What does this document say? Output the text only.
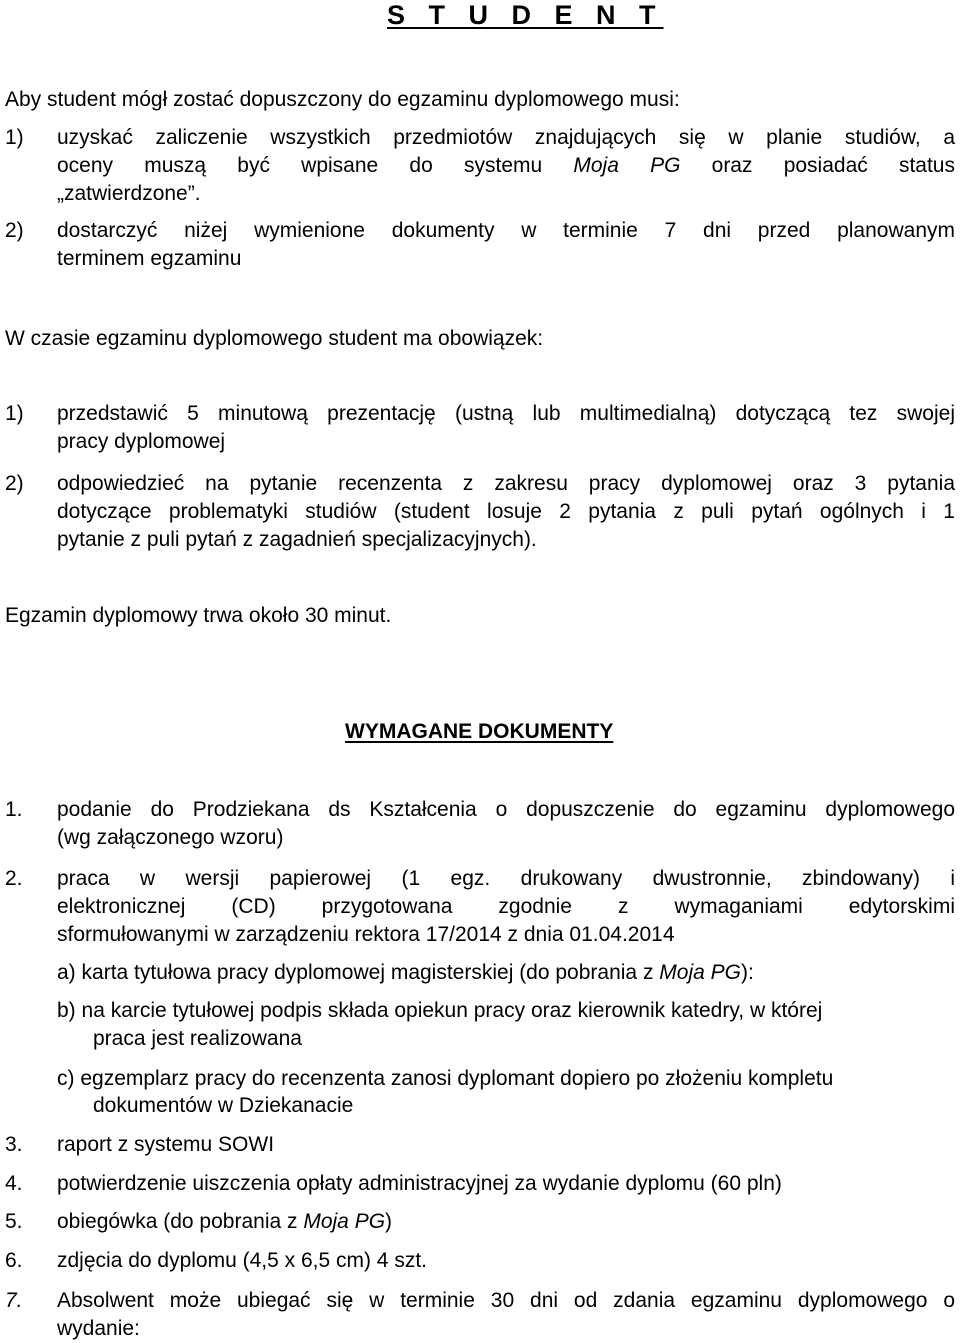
S T U D E N T
Aby student mógł zostać dopuszczony do egzaminu dyplomowego musi:
1) uzyskać zaliczenie wszystkich przedmiotów znajdujących się w planie studiów, a
oceny muszą być wpisane do systemu Moja PG oraz posiadać status
„zatwierdzone”.
2) dostarczyć niżej wymienione dokumenty w terminie 7 dni przed planowanym
terminem egzaminu
W czasie egzaminu dyplomowego student ma obowiązek:
1) przedstawić 5 minutową prezentację (ustną lub multimedialną) dotyczącą tez swojej
pracy dyplomowej
2) odpowiedzieć na pytanie recenzenta z zakresu pracy dyplomowej oraz 3 pytania
dotyczące problematyki studiów (student losuje 2 pytania z puli pytań ogólnych i 1
pytanie z puli pytań z zagadnień specjalizacyjnych).
Egzamin dyplomowy trwa około 30 minut.
WYMAGANE DOKUMENTY
1. podanie do Prodziekana ds Kształcenia o dopuszczenie do egzaminu dyplomowego
(wg załączonego wzoru)
2. praca w wersji papierowej (1 egz. drukowany dwustronnie, zbindowany) i
elektronicznej (CD) przygotowana zgodnie z wymaganiami edytorskimi
sformułowanymi w zarządzeniu rektora 17/2014 z dnia 01.04.2014
a) karta tytułowa pracy dyplomowej magisterskiej (do pobrania z Moja PG):
b) na karcie tytułowej podpis składa opiekun pracy oraz kierownik katedry, w której
praca jest realizowana
c) egzemplarz pracy do recenzenta zanosi dyplomant dopiero po złożeniu kompletu
dokumentów w Dziekanacie
3. raport z systemu SOWI
4. potwierdzenie uiszczenia opłaty administracyjnej za wydanie dyplomu (60 pln)
5. obiegówka (do pobrania z Moja PG)
6. zdjęcia do dyplomu (4,5 x 6,5 cm) 4 szt.
7. Absolwent może ubiegać się w terminie 30 dni od zdania egzaminu dyplomowego o
wydanie:
